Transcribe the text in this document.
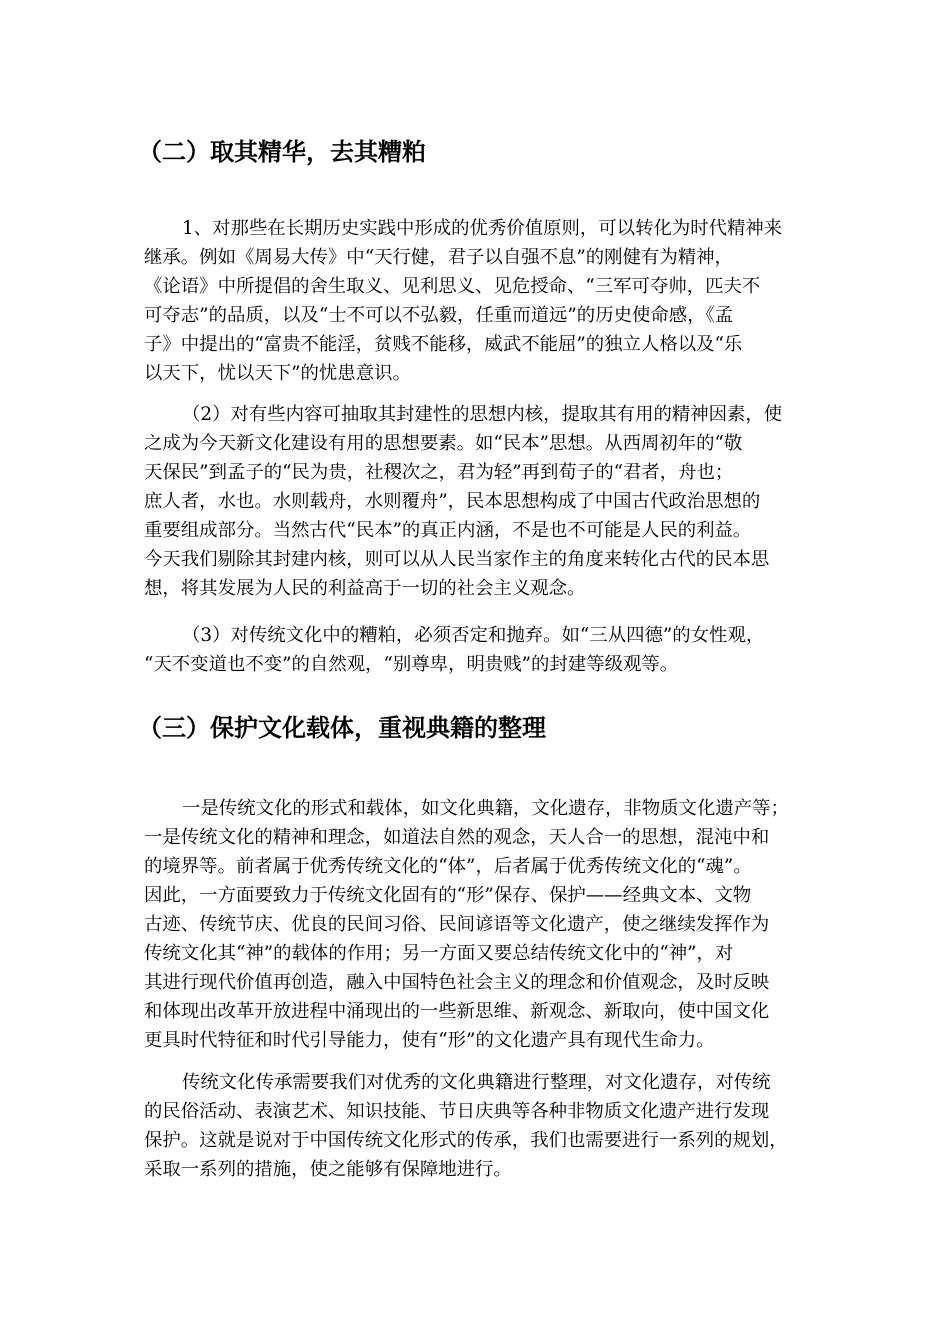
（二）取其精华，去其糟粕
1、对那些在长期历史实践中形成的优秀价值原则，可以转化为时代精神来
继承。例如《周易大传》中“天行健，君子以自强不息”的刚健有为精神，
《论语》中所提倡的舍生取义、见利思义、见危授命、“三军可夺帅，匹夫不
可夺志”的品质，以及“士不可以不弘毅，任重而道远”的历史使命感，《孟
子》中提出的“富贵不能淫，贫贱不能移，威武不能屈”的独立人格以及“乐
以天下，忧以天下”的忧患意识。
（2）对有些内容可抽取其封建性的思想内核，提取其有用的精神因素，使
之成为今天新文化建设有用的思想要素。如“民本”思想。从西周初年的“敬
天保民”到孟子的“民为贵，社稷次之，君为轻”再到荀子的“君者，舟也；
庶人者，水也。水则载舟，水则覆舟”，民本思想构成了中国古代政治思想的
重要组成部分。当然古代“民本”的真正内涵，不是也不可能是人民的利益。
今天我们剔除其封建内核，则可以从人民当家作主的角度来转化古代的民本思
想，将其发展为人民的利益高于一切的社会主义观念。
（3）对传统文化中的糟粕，必须否定和抛弃。如“三从四德”的女性观，
“天不变道也不变”的自然观，“别尊卑，明贵贱”的封建等级观等。
（三）保护文化载体，重视典籍的整理
一是传统文化的形式和载体，如文化典籍，文化遗存，非物质文化遗产等；
一是传统文化的精神和理念，如道法自然的观念，天人合一的思想，混沌中和
的境界等。前者属于优秀传统文化的“体”，后者属于优秀传统文化的“魂”。
因此，一方面要致力于传统文化固有的“形”保存、保护——经典文本、文物
古迹、传统节庆、优良的民间习俗、民间谚语等文化遗产，使之继续发挥作为
传统文化其“神”的载体的作用；另一方面又要总结传统文化中的“神”，对
其进行现代价值再创造，融入中国特色社会主义的理念和价值观念，及时反映
和体现出改革开放进程中涌现出的一些新思维、新观念、新取向，使中国文化
更具时代特征和时代引导能力，使有“形”的文化遗产具有现代生命力。
传统文化传承需要我们对优秀的文化典籍进行整理，对文化遗存，对传统
的民俗活动、表演艺术、知识技能、节日庆典等各种非物质文化遗产进行发现
保护。这就是说对于中国传统文化形式的传承，我们也需要进行一系列的规划，
采取一系列的措施，使之能够有保障地进行。
